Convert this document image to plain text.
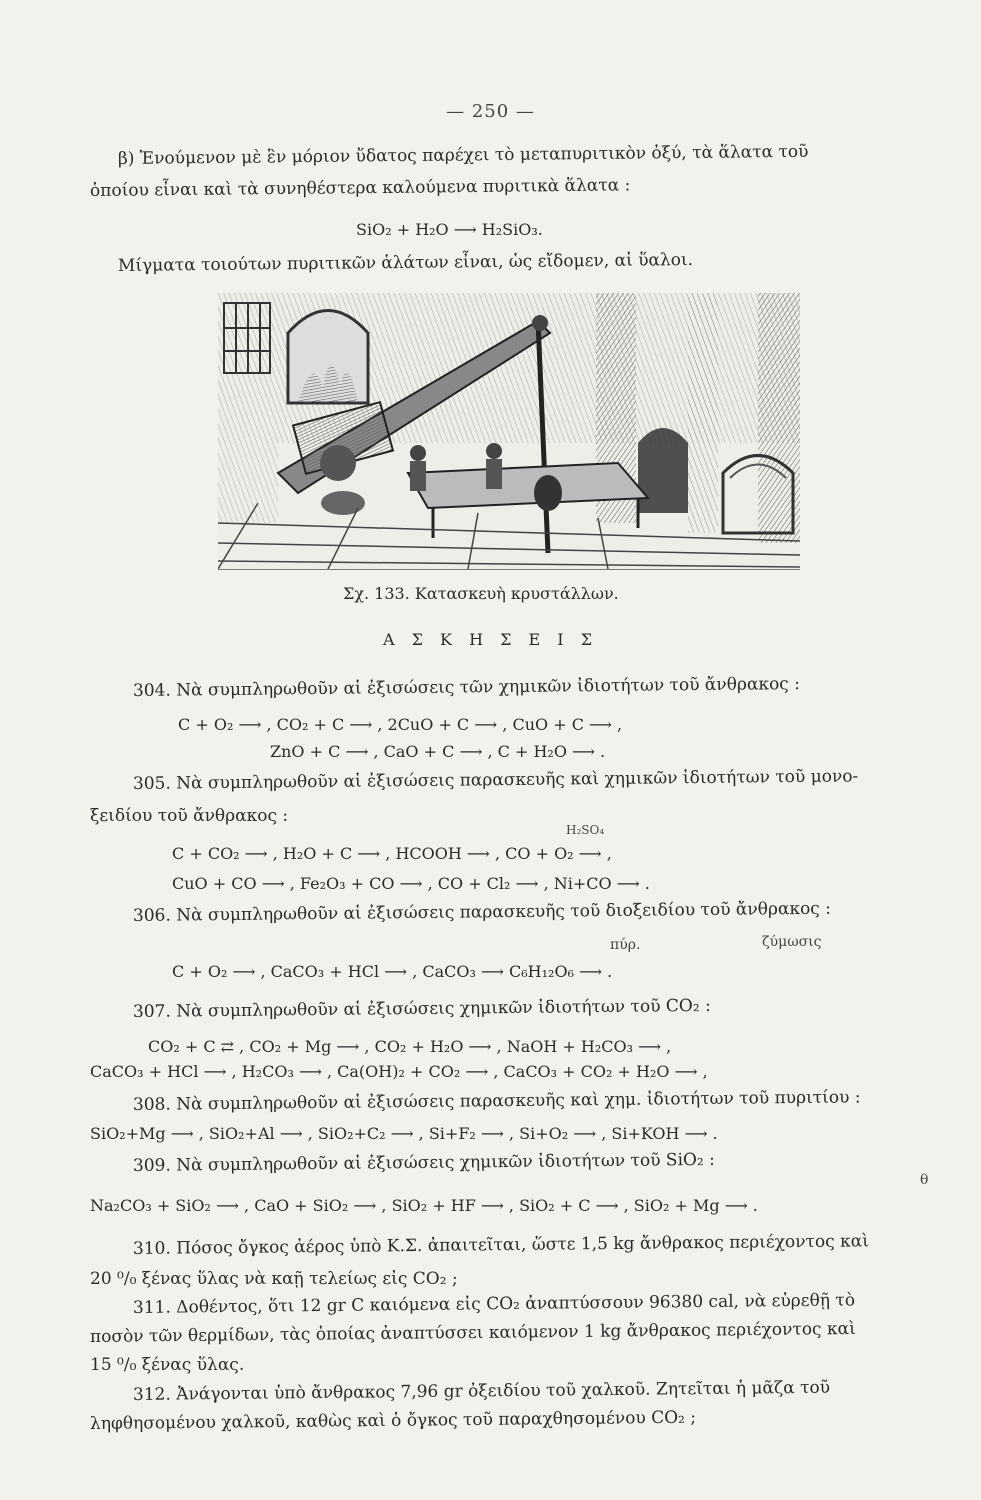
— 250 —
β) Ἑνούμενον μὲ ἓν μόριον ὕδατος παρέχει τὸ μεταπυριτικὸν ὀξύ, τὰ ἅλατα τοῦ
ὁποίου εἶναι καὶ τὰ συνηθέστερα καλούμενα πυριτικὰ ἅλατα :
SiO₂ + H₂O ⟶ H₂SiO₃.
Μίγματα τοιούτων πυριτικῶν ἁλάτων εἶναι, ὡς εἴδομεν, αἱ ὕαλοι.
Σχ. 133. Κατασκευὴ κρυστάλλων.
Α Σ Κ Η Σ Ε Ι Σ
304. Νὰ συμπληρωθοῦν αἱ ἐξισώσεις τῶν χημικῶν ἰδιοτήτων τοῦ ἄνθρακος :
C + O₂ ⟶ , CO₂ + C ⟶ , 2CuO + C ⟶ , CuO + C ⟶ ,
ZnO + C ⟶ , CaO + C ⟶ , C + H₂O ⟶ .
305. Νὰ συμπληρωθοῦν αἱ ἐξισώσεις παρασκευῆς καὶ χημικῶν ἰδιοτήτων τοῦ μονο-
ξειδίου τοῦ ἄνθρακος :
H₂SO₄
C + CO₂ ⟶ , H₂O + C ⟶ , HCOOH ⟶ , CO + O₂ ⟶ ,
CuO + CO ⟶ , Fe₂O₃ + CO ⟶ , CO + Cl₂ ⟶ , Ni+CO ⟶ .
306. Νὰ συμπληρωθοῦν αἱ ἐξισώσεις παρασκευῆς τοῦ διοξειδίου τοῦ ἄνθρακος :
πύρ.	ζύμωσις
C + O₂ ⟶ , CaCO₃ + HCl ⟶ , CaCO₃ ⟶ C₆H₁₂O₆ ⟶ .
307. Νὰ συμπληρωθοῦν αἱ ἐξισώσεις χημικῶν ἰδιοτήτων τοῦ CO₂ :
CO₂ + C ⇄ , CO₂ + Mg ⟶ , CO₂ + H₂O ⟶ , NaOH + H₂CO₃ ⟶ ,
CaCO₃ + HCl ⟶ , H₂CO₃ ⟶ , Ca(OH)₂ + CO₂ ⟶ , CaCO₃ + CO₂ + H₂O ⟶ ,
308. Νὰ συμπληρωθοῦν αἱ ἐξισώσεις παρασκευῆς καὶ χημ. ἰδιοτήτων τοῦ πυριτίου :
SiO₂+Mg ⟶ , SiO₂+Al ⟶ , SiO₂+C₂ ⟶ , Si+F₂ ⟶ , Si+O₂ ⟶ , Si+KOH ⟶ .
309. Νὰ συμπληρωθοῦν αἱ ἐξισώσεις χημικῶν ἰδιοτήτων τοῦ SiO₂ :
θ
Na₂CO₃ + SiO₂ ⟶ , CaO + SiO₂ ⟶ , SiO₂ + HF ⟶ , SiO₂ + C ⟶ , SiO₂ + Mg ⟶ .
310. Πόσος ὄγκος ἀέρος ὑπὸ Κ.Σ. ἀπαιτεῖται, ὥστε 1,5 kg ἄνθρακος περιέχοντος καὶ
20 ⁰/₀ ξένας ὕλας νὰ καῇ τελείως εἰς CO₂ ;
311. Δοθέντος, ὅτι 12 gr C καιόμενα εἰς CO₂ ἀναπτύσσουν 96380 cal, νὰ εὑρεθῇ τὸ
ποσὸν τῶν θερμίδων, τὰς ὁποίας ἀναπτύσσει καιόμενον 1 kg ἄνθρακος περιέχοντος καὶ
15 ⁰/₀ ξένας ὕλας.
312. Ἀνάγονται ὑπὸ ἄνθρακος 7,96 gr ὀξειδίου τοῦ χαλκοῦ. Ζητεῖται ἡ μᾶζα τοῦ
ληφθησομένου χαλκοῦ, καθὼς καὶ ὁ ὄγκος τοῦ παραχθησομένου CO₂ ;
